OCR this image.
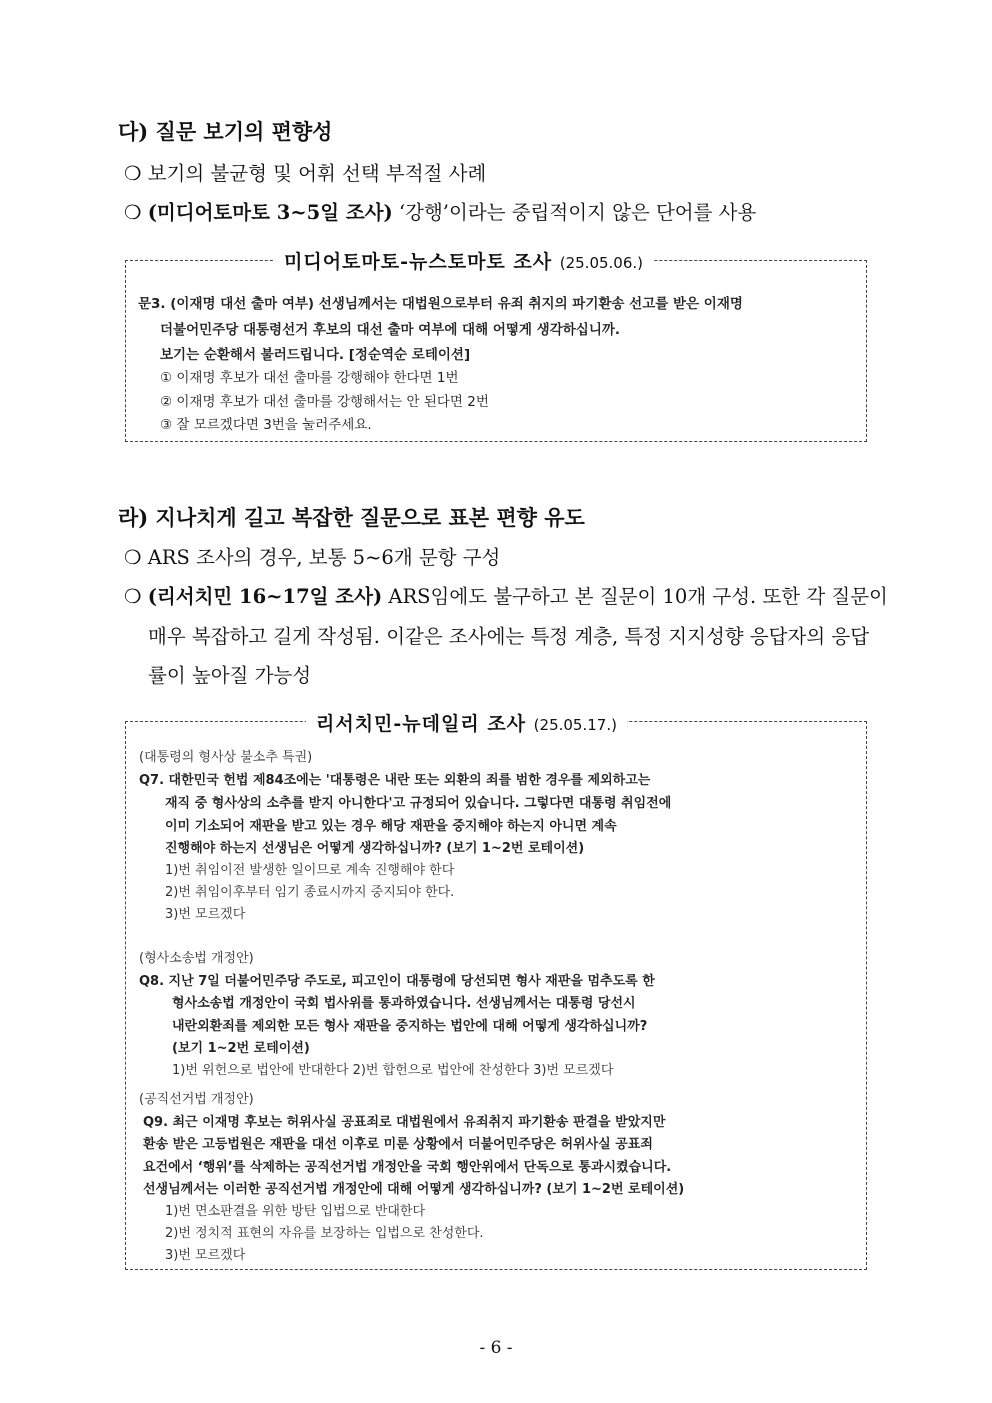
다) 질문 보기의 편향성
❍ 보기의 불균형 및 어휘 선택 부적절 사례
❍ (미디어토마토 3~5일 조사) ‘강행’이라는 중립적이지 않은 단어를 사용
미디어토마토-뉴스토마토 조사 (25.05.06.)
문3. (이재명 대선 출마 여부) 선생님께서는 대법원으로부터 유죄 취지의 파기환송 선고를 받은 이재명
더불어민주당 대통령선거 후보의 대선 출마 여부에 대해 어떻게 생각하십니까.
보기는 순환해서 불러드립니다. [정순역순 로테이션]
① 이재명 후보가 대선 출마를 강행해야 한다면 1번
② 이재명 후보가 대선 출마를 강행해서는 안 된다면 2번
③ 잘 모르겠다면 3번을 눌러주세요.
라) 지나치게 길고 복잡한 질문으로 표본 편향 유도
❍ ARS 조사의 경우, 보통 5~6개 문항 구성
❍ (리서치민 16~17일 조사) ARS임에도 불구하고 본 질문이 10개 구성. 또한 각 질문이
매우 복잡하고 길게 작성됨. 이같은 조사에는 특정 계층, 특정 지지성향 응답자의 응답
률이 높아질 가능성
리서치민-뉴데일리 조사 (25.05.17.)
(대통령의 형사상 불소추 특권)
Q7. 대한민국 헌법 제84조에는 '대통령은 내란 또는 외환의 죄를 범한 경우를 제외하고는
재직 중 형사상의 소추를 받지 아니한다'고 규정되어 있습니다. 그렇다면 대통령 취임전에
이미 기소되어 재판을 받고 있는 경우 해당 재판을 중지해야 하는지 아니면 계속
진행해야 하는지 선생님은 어떻게 생각하십니까? (보기 1~2번 로테이션)
1)번 취임이전 발생한 일이므로 계속 진행해야 한다
2)번 취임이후부터 임기 종료시까지 중지되야 한다.
3)번 모르겠다
(형사소송법 개정안)
Q8. 지난 7일 더불어민주당 주도로, 피고인이 대통령에 당선되면 형사 재판을 멈추도록 한
형사소송법 개정안이 국회 법사위를 통과하였습니다. 선생님께서는 대통령 당선시
내란외환죄를 제외한 모든 형사 재판을 중지하는 법안에 대해 어떻게 생각하십니까?
(보기 1~2번 로테이션)
1)번 위헌으로 법안에 반대한다 2)번 합헌으로 법안에 찬성한다 3)번 모르겠다
(공직선거법 개정안)
Q9. 최근 이재명 후보는 허위사실 공표죄로 대법원에서 유죄취지 파기환송 판결을 받았지만
환송 받은 고등법원은 재판을 대선 이후로 미룬 상황에서 더불어민주당은 허위사실 공표죄
요건에서 ‘행위’를 삭제하는 공직선거법 개정안을 국회 행안위에서 단독으로 통과시켰습니다.
선생님께서는 이러한 공직선거법 개정안에 대해 어떻게 생각하십니까? (보기 1~2번 로테이션)
1)번 면소판결을 위한 방탄 입법으로 반대한다
2)번 정치적 표현의 자유를 보장하는 입법으로 찬성한다.
3)번 모르겠다
- 6 -
